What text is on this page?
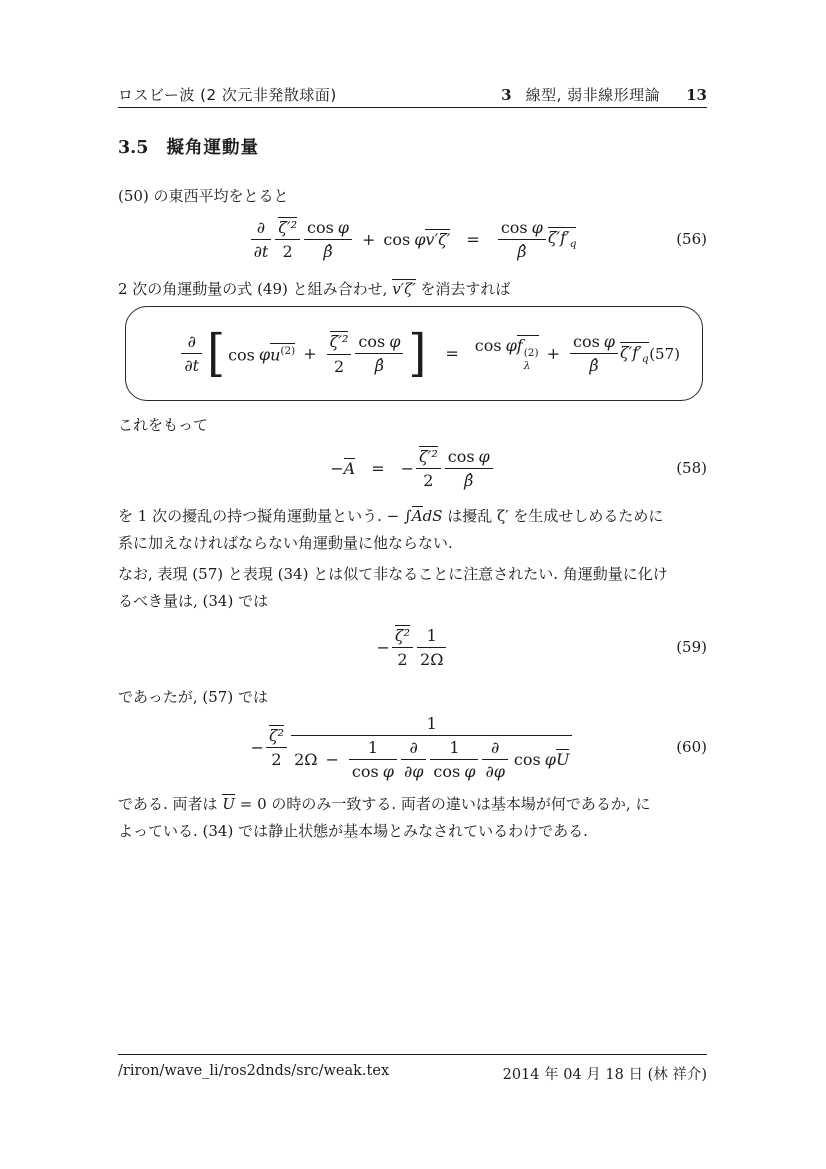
ロスビー波 (2 次元非発散球面)	3 線型, 弱非線形理論 13
3.5 擬角運動量

(50) の東西平均をとると

$\frac{\partial}{\partial t} \frac{\text{ζ′²}}{2} \frac{\text{cos φ}}{\betâ} + \cos \varphi v'\zeta' = \frac{\text{cos φ}}{\betâ} \zeta'f'_q$	(56)

2 次の角運動量の式 (49) と組み合わせ, v′ζ′ を消去すれば

$\frac{\partial}{\partial t}$ [ $\cos \varphi u^{(2)} + \frac{\text{ζ′²}}{2} \frac{\text{cos φ}}{\betâ}$ ] = cos φf (2)
λ
+ $\frac{\text{cos φ}}{\betâ} \zeta'f'_q$ (57)

これをもって

−A = − $\frac{\text{ζ′²}}{2} \frac{\text{cos φ}}{\betâ}$	(58)

を 1 次の擾乱の持つ擬角運動量という. − ∫AdS は擾乱 ζ′ を生成せしめるために
系に加えなければならない角運動量に他ならない.

なお, 表現 (57) と表現 (34) とは似て非なることに注意されたい. 角運動量に化け
るべき量は, (34) では

− $\frac{\text{ζ²}}{2} \frac{1}{2\Omega}$	(59)

であったが, (57) では

− $\frac{\text{ζ²}}{2}$
1
$2\Omega - \frac{1}{\text{cos φ}} \frac{\partial}{\partial\varphi} \frac{1}{\text{cos φ}} \frac{\partial}{\partial\varphi}$ cos φU
(60)

である. 両者は U = 0 の時のみ一致する. 両者の違いは基本場が何であるか, に
よっている. (34) では静止状態が基本場とみなされているわけである.

/riron/wave_li/ros2dnds/src/weak.tex	2014 年 04 月 18 日 (林 祥介)
